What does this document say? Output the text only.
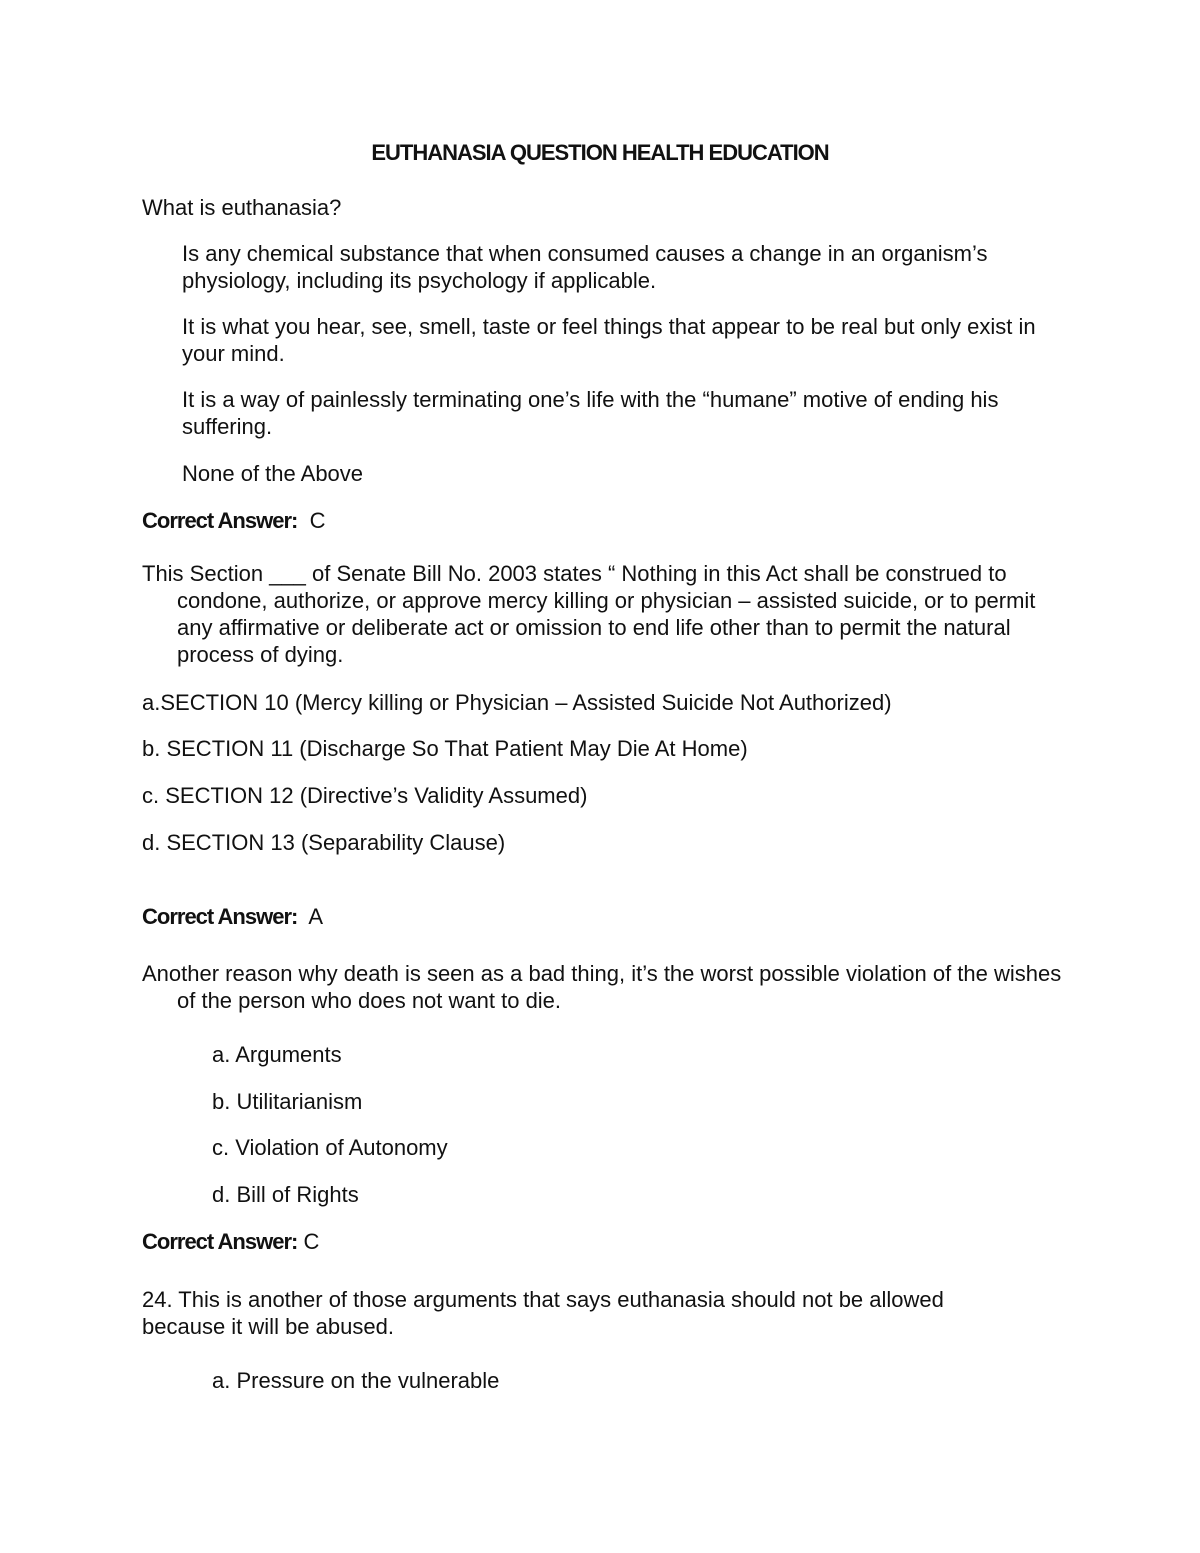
EUTHANASIA QUESTION HEALTH EDUCATION
What is euthanasia?
Is any chemical substance that when consumed causes a change in an organism’s physiology, including its psychology if applicable.
It is what you hear, see, smell, taste or feel things that appear to be real but only exist in your mind.
It is a way of painlessly terminating one’s life with the “humane” motive of ending his suffering.
None of the Above
Correct Answer: C
This Section ___ of Senate Bill No. 2003 states “ Nothing in this Act shall be construed to condone, authorize, or approve mercy killing or physician – assisted suicide, or to permit any affirmative or deliberate act or omission to end life other than to permit the natural process of dying.
a.SECTION 10 (Mercy killing or Physician – Assisted Suicide Not Authorized)
b. SECTION 11 (Discharge So That Patient May Die At Home)
c. SECTION 12 (Directive’s Validity Assumed)
d. SECTION 13 (Separability Clause)
Correct Answer: A
Another reason why death is seen as a bad thing, it’s the worst possible violation of the wishes of the person who does not want to die.
a. Arguments
b. Utilitarianism
c. Violation of Autonomy
d. Bill of Rights
Correct Answer: C
24. This is another of those arguments that says euthanasia should not be allowed
because it will be abused.
a. Pressure on the vulnerable
